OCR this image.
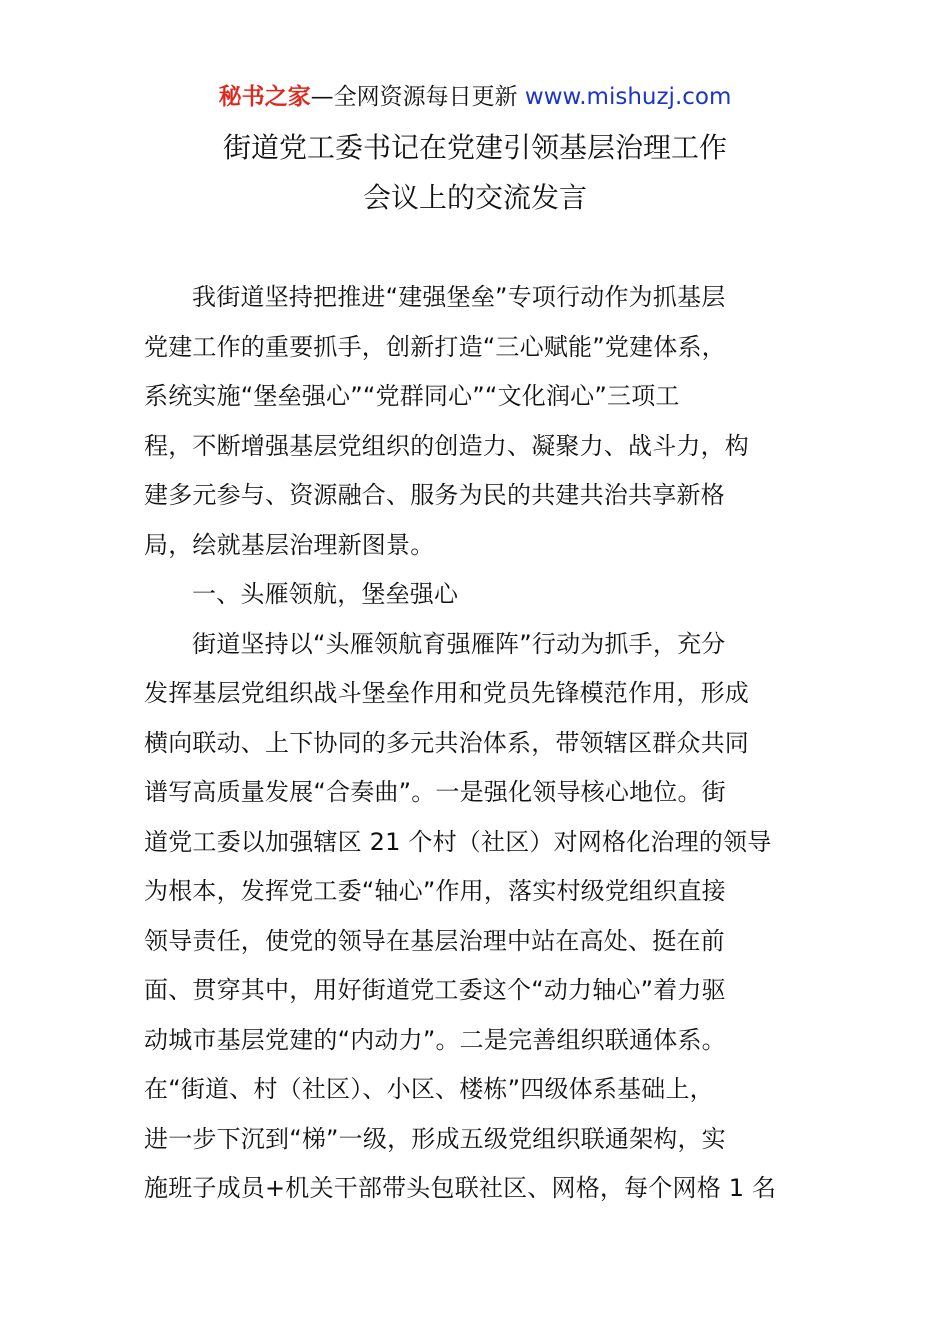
秘书之家—全网资源每日更新 www.mishuzj.com
街道党工委书记在党建引领基层治理工作
会议上的交流发言
我街道坚持把推进“建强堡垒”专项行动作为抓基层
党建工作的重要抓手，创新打造“三心赋能”党建体系，
系统实施“堡垒强心”“党群同心”“文化润心”三项工
程，不断增强基层党组织的创造力、凝聚力、战斗力，构
建多元参与、资源融合、服务为民的共建共治共享新格
局，绘就基层治理新图景。
一、头雁领航，堡垒强心
街道坚持以“头雁领航育强雁阵”行动为抓手，充分
发挥基层党组织战斗堡垒作用和党员先锋模范作用，形成
横向联动、上下协同的多元共治体系，带领辖区群众共同
谱写高质量发展“合奏曲”。一是强化领导核心地位。街
道党工委以加强辖区 21 个村（社区）对网格化治理的领导
为根本，发挥党工委“轴心”作用，落实村级党组织直接
领导责任，使党的领导在基层治理中站在高处、挺在前
面、贯穿其中，用好街道党工委这个“动力轴心”着力驱
动城市基层党建的“内动力”。二是完善组织联通体系。
在“街道、村（社区）、小区、楼栋”四级体系基础上，
进一步下沉到“梯”一级，形成五级党组织联通架构，实
施班子成员+机关干部带头包联社区、网格，每个网格 1 名
